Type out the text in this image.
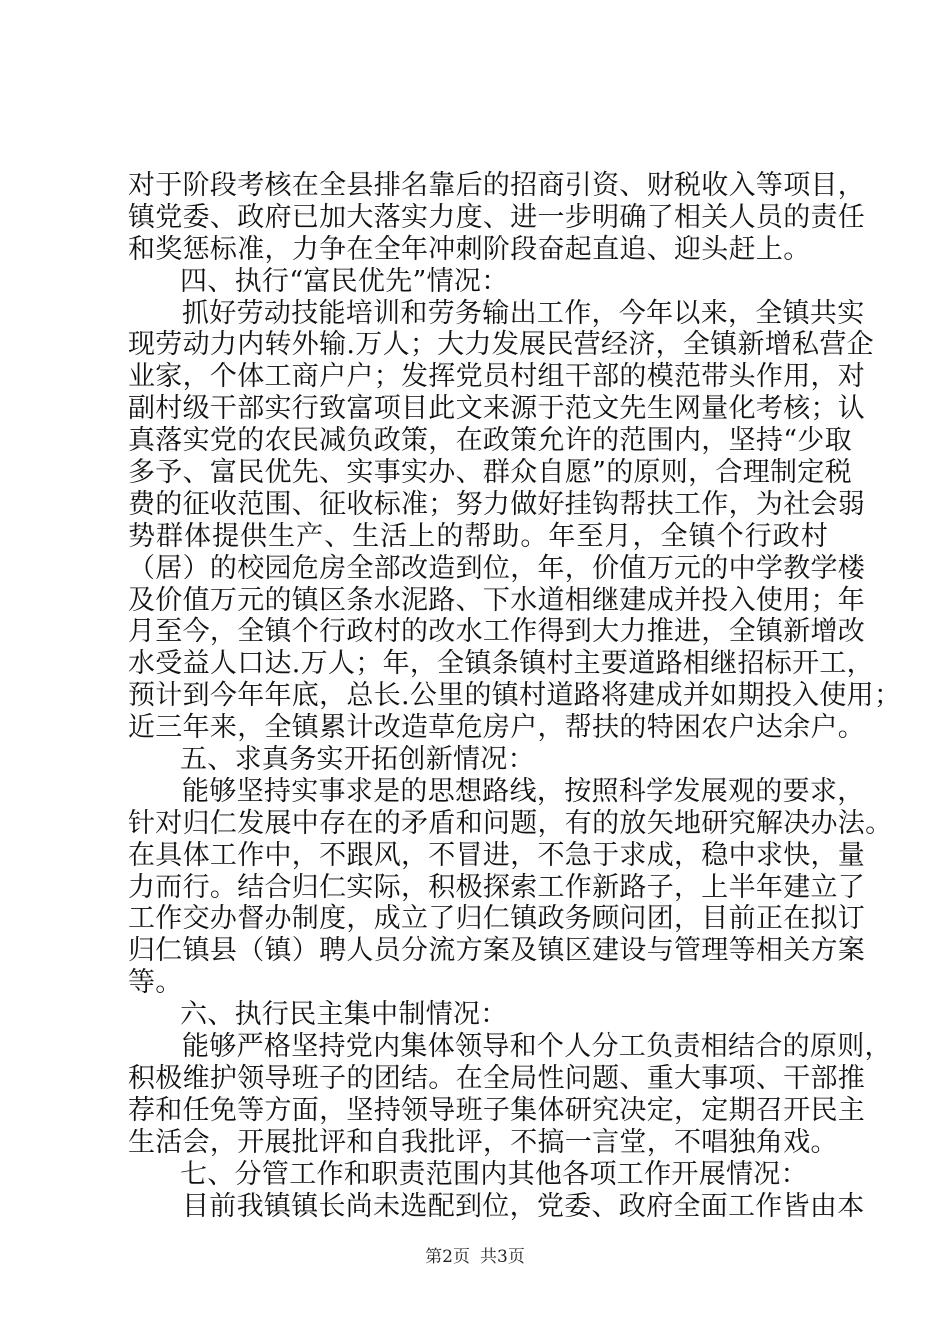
对于阶段考核在全县排名靠后的招商引资、财税收入等项目，
镇党委、政府已加大落实力度、进一步明确了相关人员的责任
和奖惩标准，力争在全年冲刺阶段奋起直追、迎头赶上。
四、执行“富民优先”情况：
抓好劳动技能培训和劳务输出工作，今年以来，全镇共实
现劳动力内转外输.万人；大力发展民营经济，全镇新增私营企
业家，个体工商户户；发挥党员村组干部的模范带头作用，对
副村级干部实行致富项目此文来源于范文先生网量化考核；认
真落实党的农民减负政策，在政策允许的范围内，坚持“少取
多予、富民优先、实事实办、群众自愿”的原则，合理制定税
费的征收范围、征收标准；努力做好挂钩帮扶工作，为社会弱
势群体提供生产、生活上的帮助。年至月，全镇个行政村
（居）的校园危房全部改造到位，年，价值万元的中学教学楼
及价值万元的镇区条水泥路、下水道相继建成并投入使用；年
月至今，全镇个行政村的改水工作得到大力推进，全镇新增改
水受益人口达.万人；年，全镇条镇村主要道路相继招标开工，
预计到今年年底，总长.公里的镇村道路将建成并如期投入使用；
近三年来，全镇累计改造草危房户，帮扶的特困农户达余户。
五、求真务实开拓创新情况：
能够坚持实事求是的思想路线，按照科学发展观的要求，
针对归仁发展中存在的矛盾和问题，有的放矢地研究解决办法。
在具体工作中，不跟风，不冒进，不急于求成，稳中求快，量
力而行。结合归仁实际，积极探索工作新路子，上半年建立了
工作交办督办制度，成立了归仁镇政务顾问团，目前正在拟订
归仁镇县（镇）聘人员分流方案及镇区建设与管理等相关方案
等。
六、执行民主集中制情况：
能够严格坚持党内集体领导和个人分工负责相结合的原则，
积极维护领导班子的团结。在全局性问题、重大事项、干部推
荐和任免等方面，坚持领导班子集体研究决定，定期召开民主
生活会，开展批评和自我批评，不搞一言堂，不唱独角戏。
七、分管工作和职责范围内其他各项工作开展情况：
目前我镇镇长尚未选配到位，党委、政府全面工作皆由本
第2页 共3页
